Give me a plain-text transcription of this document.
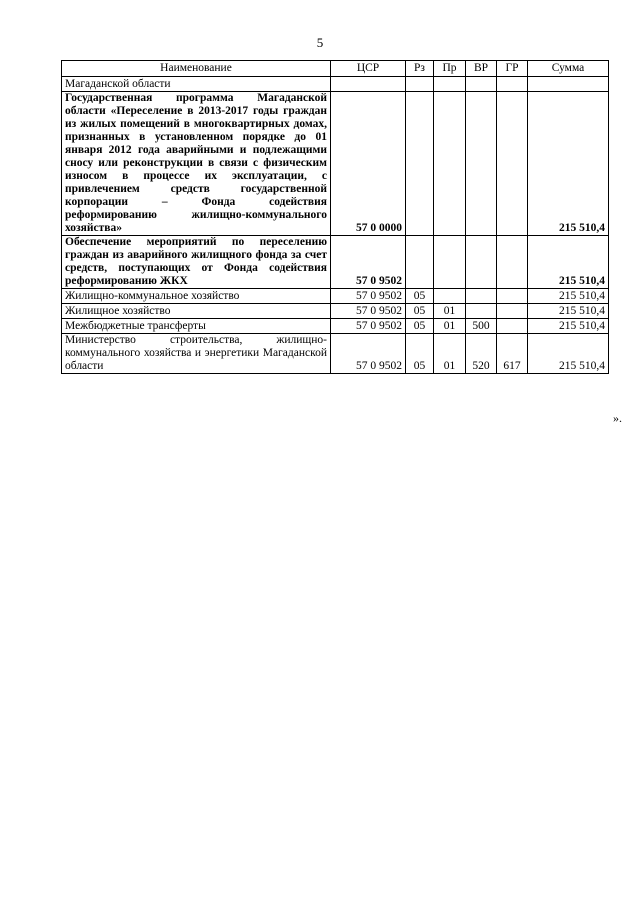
5
Наименование	ЦСР	Рз	Пр	ВР	ГР	Сумма
Магаданской области						
Государственная программа Магаданской области «Переселение в 2013-2017 годы граждан из жилых помещений в многоквартирных домах, признанных в установленном порядке до 01 января 2012 года аварийными и подлежащими сносу или реконструкции в связи с физическим износом в процессе их эксплуатации, с привлечением средств государственной корпорации – Фонда содействия реформированию жилищно-коммунального хозяйства»	57 0 0000					215 510,4
Обеспечение мероприятий по переселению граждан из аварийного жилищного фонда за счет средств, поступающих от Фонда содействия реформированию ЖКХ	57 0 9502					215 510,4
Жилищно-коммунальное хозяйство	57 0 9502	05				215 510,4
Жилищное хозяйство	57 0 9502	05	01			215 510,4
Межбюджетные трансферты	57 0 9502	05	01	500		215 510,4
Министерство строительства, жилищно-коммунального хозяйства и энергетики Магаданской области	57 0 9502	05	01	520	617	215 510,4
».
